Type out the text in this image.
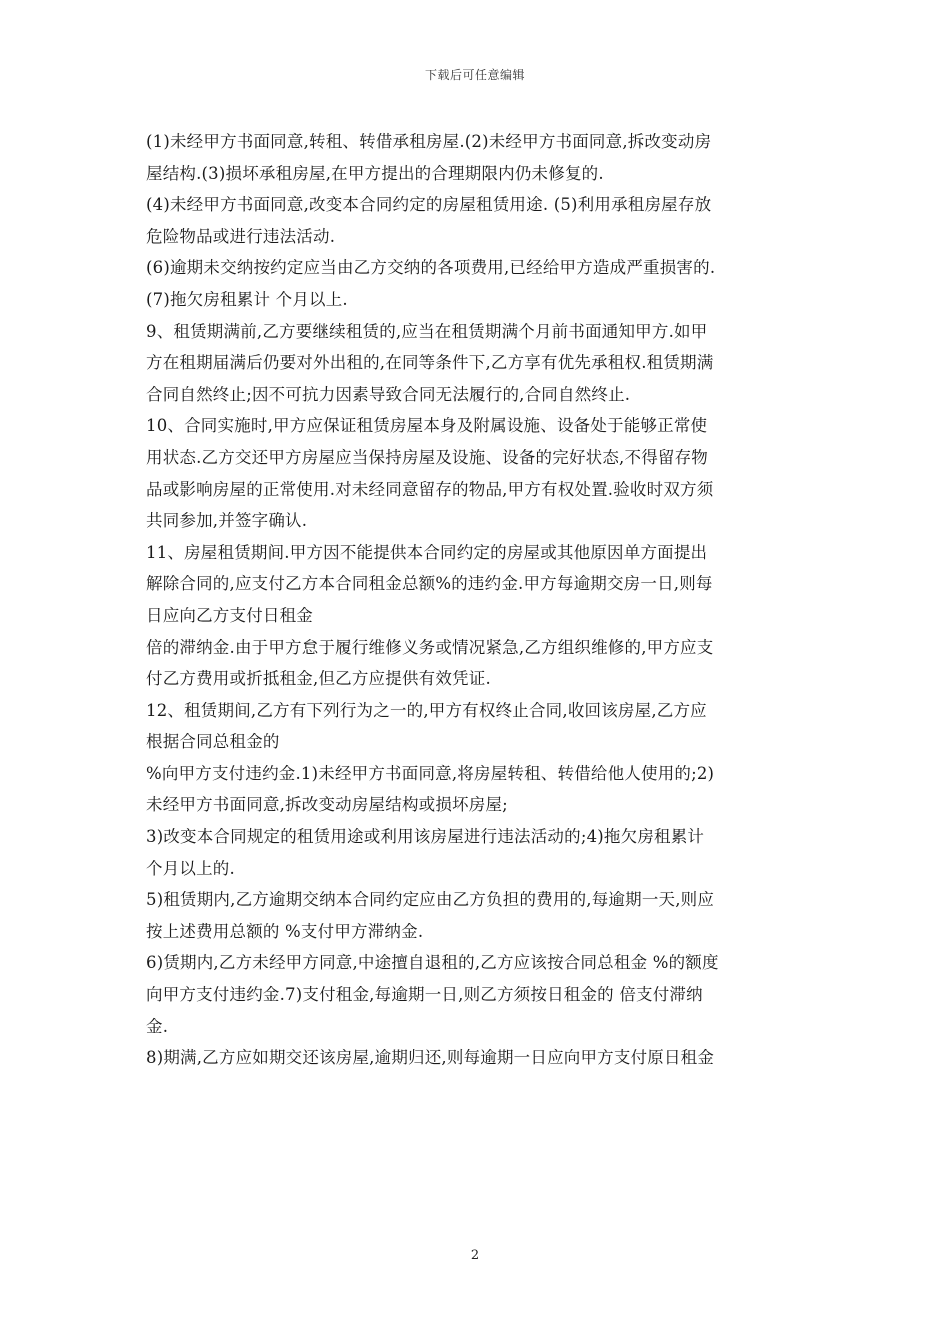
下载后可任意编辑
(1)未经甲方书面同意,转租、转借承租房屋.(2)未经甲方书面同意,拆改变动房
屋结构.(3)损坏承租房屋,在甲方提出的合理期限内仍未修复的.
(4)未经甲方书面同意,改变本合同约定的房屋租赁用途. (5)利用承租房屋存放
危险物品或进行违法活动.
(6)逾期未交纳按约定应当由乙方交纳的各项费用,已经给甲方造成严重损害的.
(7)拖欠房租累计 个月以上.
9、租赁期满前,乙方要继续租赁的,应当在租赁期满个月前书面通知甲方.如甲
方在租期届满后仍要对外出租的,在同等条件下,乙方享有优先承租权.租赁期满
合同自然终止;因不可抗力因素导致合同无法履行的,合同自然终止.
10、合同实施时,甲方应保证租赁房屋本身及附属设施、设备处于能够正常使
用状态.乙方交还甲方房屋应当保持房屋及设施、设备的完好状态,不得留存物
品或影响房屋的正常使用.对未经同意留存的物品,甲方有权处置.验收时双方须
共同参加,并签字确认.
11、房屋租赁期间.甲方因不能提供本合同约定的房屋或其他原因单方面提出
解除合同的,应支付乙方本合同租金总额%的违约金.甲方每逾期交房一日,则每
日应向乙方支付日租金
倍的滞纳金.由于甲方怠于履行维修义务或情况紧急,乙方组织维修的,甲方应支
付乙方费用或折抵租金,但乙方应提供有效凭证.
12、租赁期间,乙方有下列行为之一的,甲方有权终止合同,收回该房屋,乙方应
根据合同总租金的
%向甲方支付违约金.1)未经甲方书面同意,将房屋转租、转借给他人使用的;2)
未经甲方书面同意,拆改变动房屋结构或损坏房屋;
3)改变本合同规定的租赁用途或利用该房屋进行违法活动的;4)拖欠房租累计
个月以上的.
5)租赁期内,乙方逾期交纳本合同约定应由乙方负担的费用的,每逾期一天,则应
按上述费用总额的 %支付甲方滞纳金.
6)赁期内,乙方未经甲方同意,中途擅自退租的,乙方应该按合同总租金 %的额度
向甲方支付违约金.7)支付租金,每逾期一日,则乙方须按日租金的 倍支付滞纳
金.
8)期满,乙方应如期交还该房屋,逾期归还,则每逾期一日应向甲方支付原日租金
2
